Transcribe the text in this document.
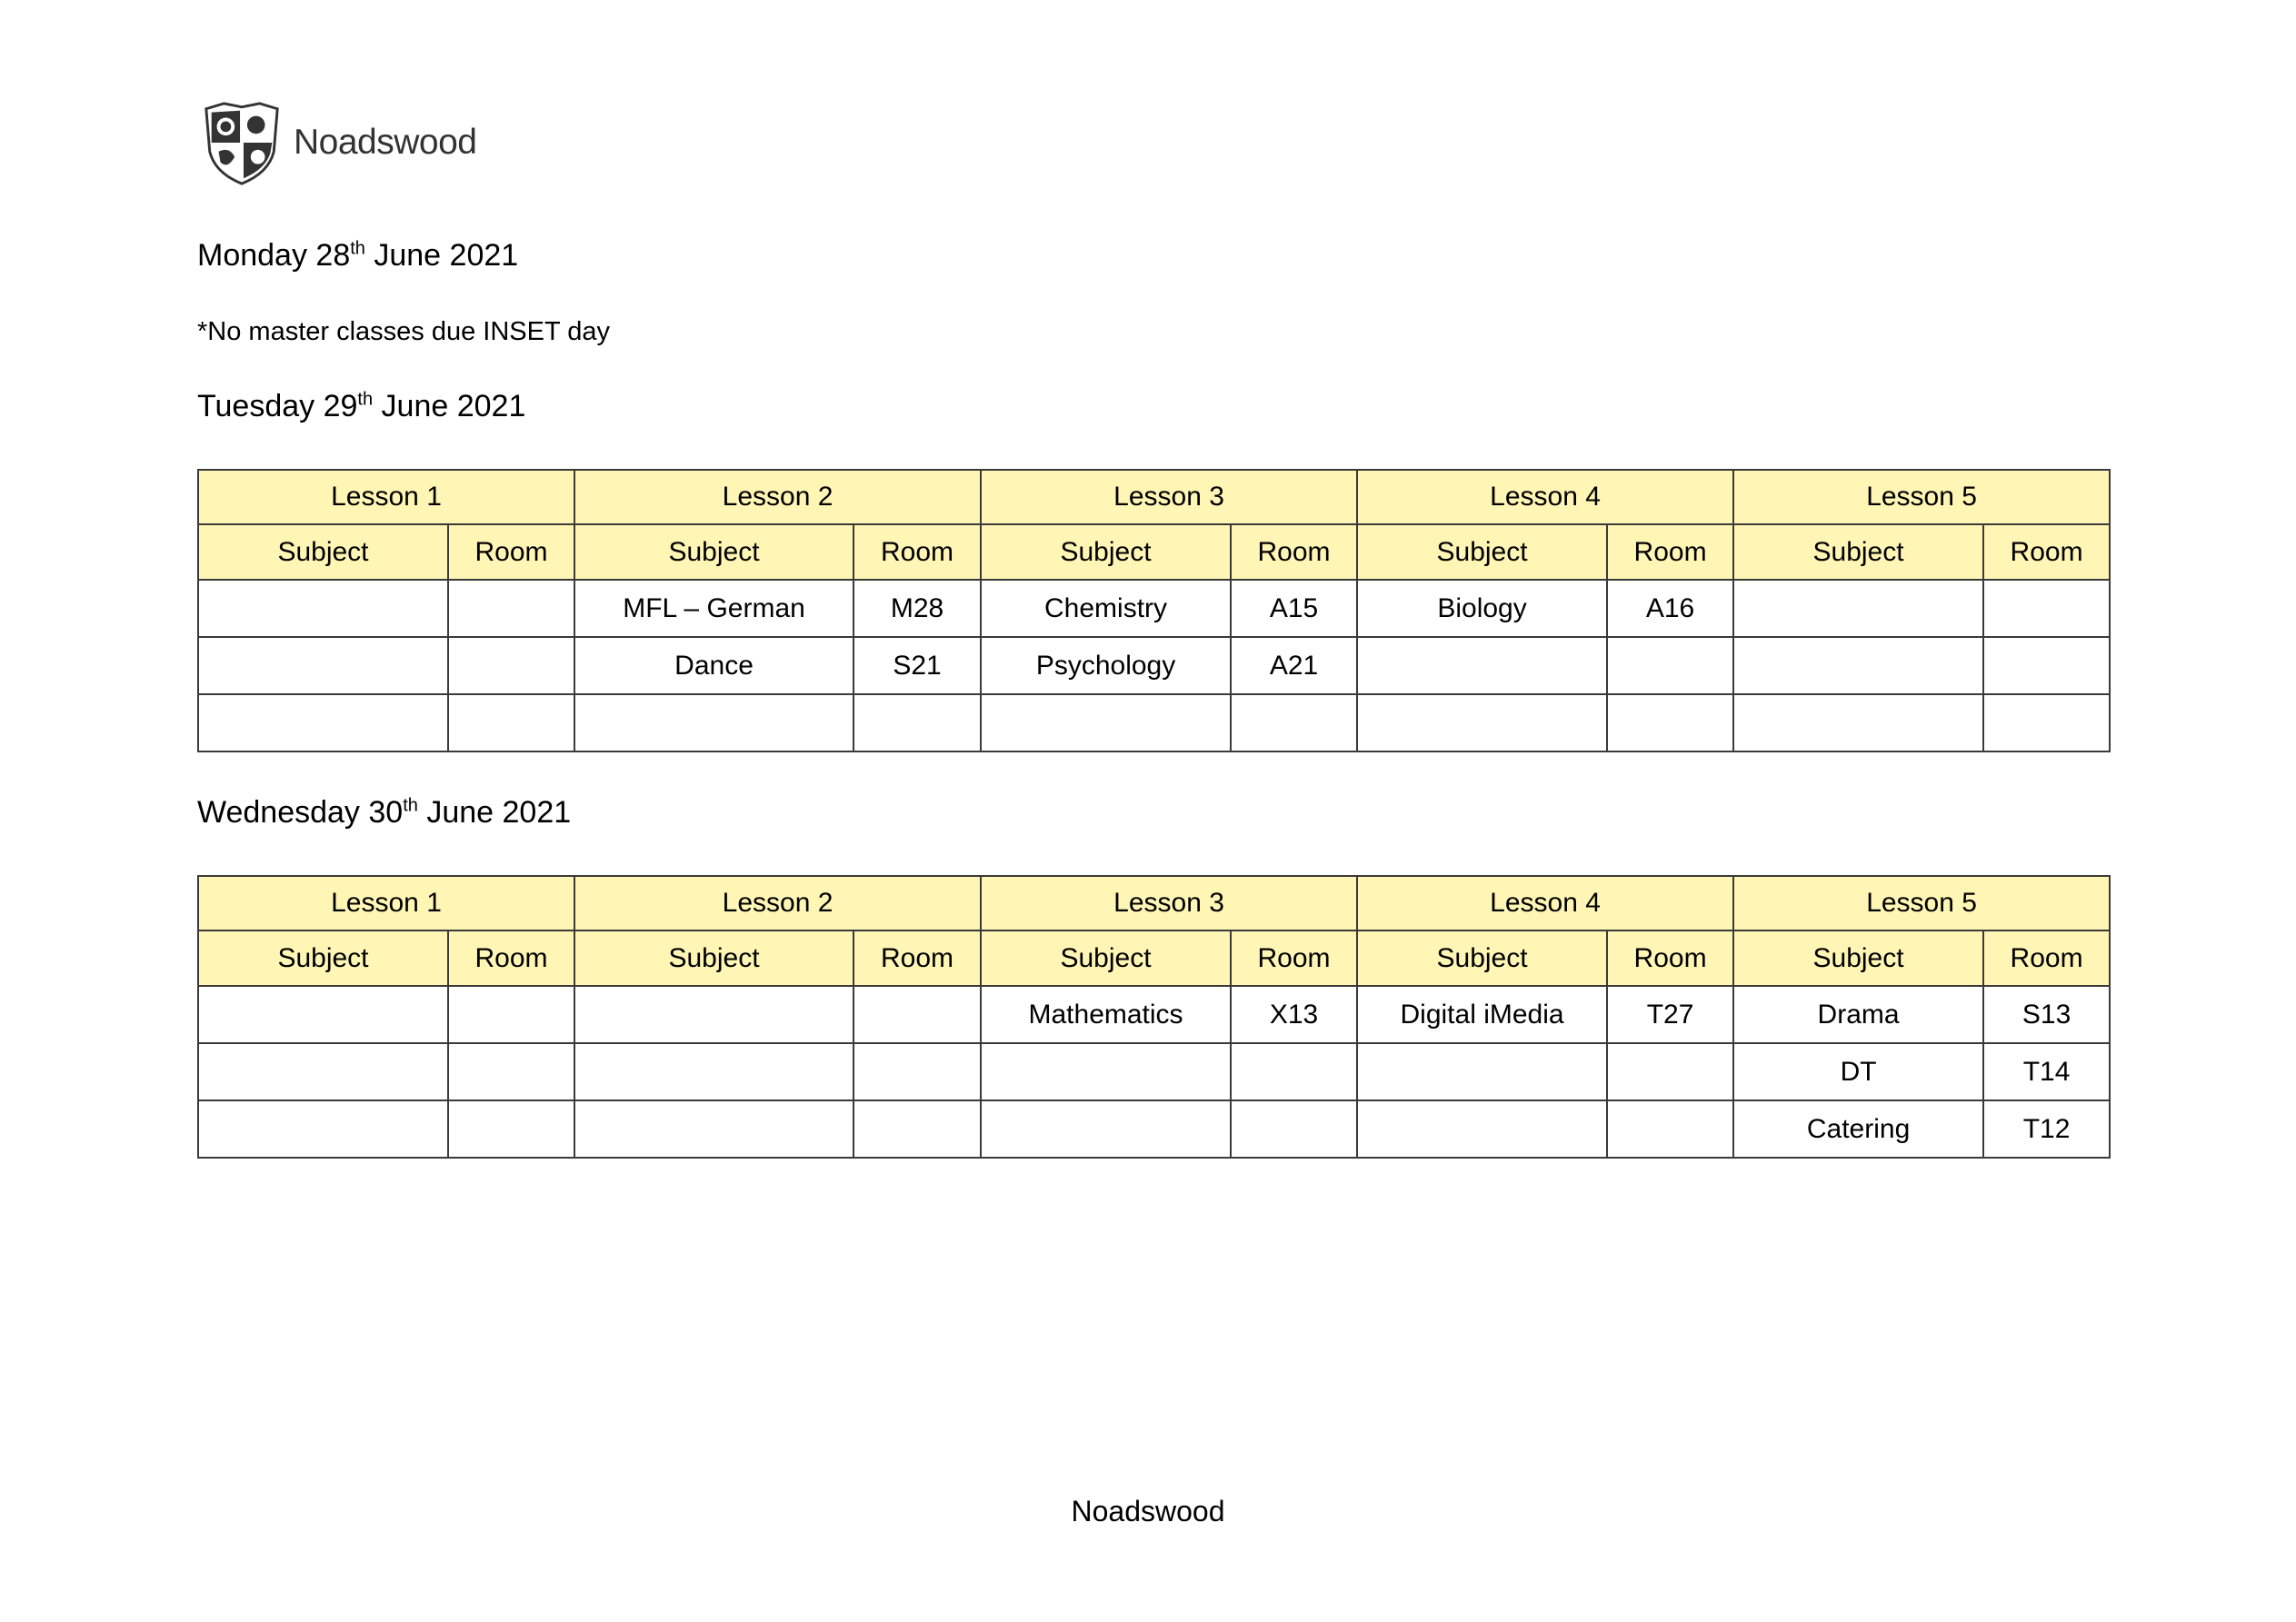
Noadswood
Monday 28th June 2021
*No master classes due INSET day
Tuesday 29th June 2021
Lesson 1		Lesson 2		Lesson 3		Lesson 4		Lesson 5	
Subject	Room	Subject	Room	Subject	Room	Subject	Room	Subject	Room
		MFL – German	M28	Chemistry	A15	Biology	A16		
		Dance	S21	Psychology	A21				

Wednesday 30th June 2021
Lesson 1		Lesson 2		Lesson 3		Lesson 4		Lesson 5	
Subject	Room	Subject	Room	Subject	Room	Subject	Room	Subject	Room
				Mathematics	X13	Digital iMedia	T27	Drama	S13
								DT	T14
								Catering	T12
Noadswood
